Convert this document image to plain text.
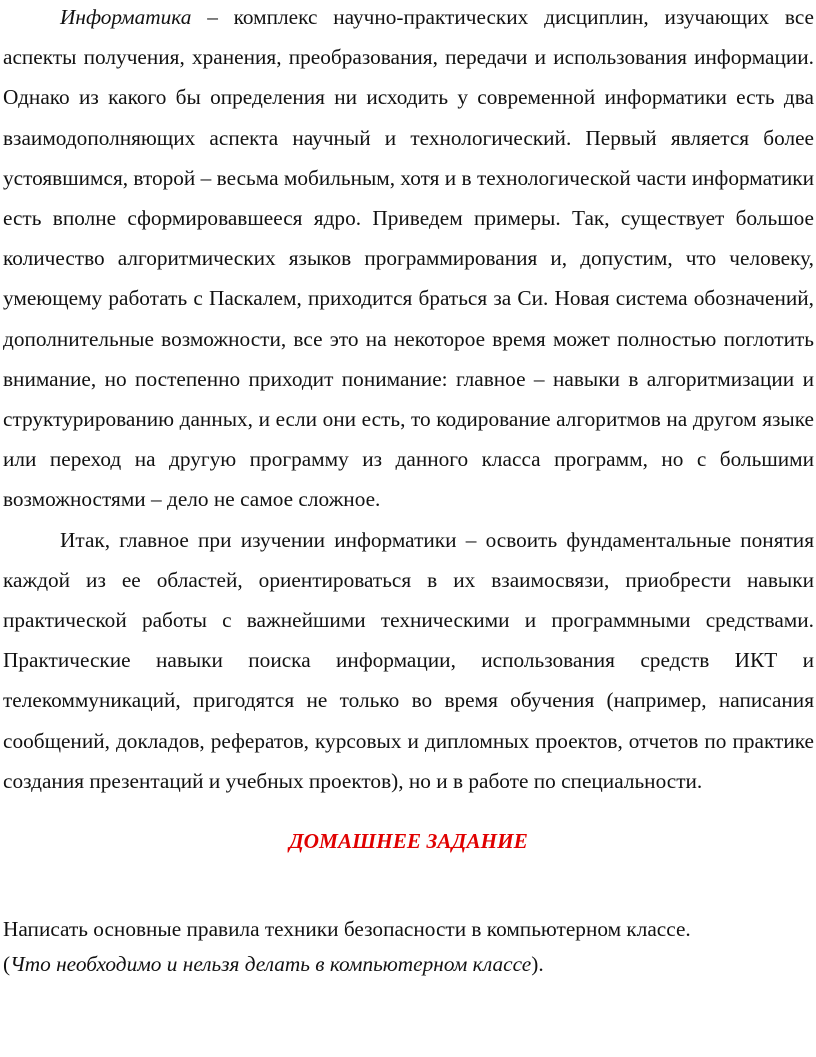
Информатика – комплекс научно-практических дисциплин, изучающих все аспекты получения, хранения, преобразования, передачи и использования информации. Однако из какого бы определения ни исходить у современной информатики есть два взаимодополняющих аспекта научный и технологический. Первый является более устоявшимся, второй – весьма мобильным, хотя и в технологической части информатики есть вполне сформировавшееся ядро. Приведем примеры. Так, существует большое количество алгоритмических языков программирования и, допустим, что человеку, умеющему работать с Паскалем, приходится браться за Си. Новая система обозначений, дополнительные возможности, все это на некоторое время может полностью поглотить внимание, но постепенно приходит понимание: главное – навыки в алгоритмизации и структурированию данных, и если они есть, то кодирование алгоритмов на другом языке или переход на другую программу из данного класса программ, но с большими возможностями – дело не самое сложное.

Итак, главное при изучении информатики – освоить фундаментальные понятия каждой из ее областей, ориентироваться в их взаимосвязи, приобрести навыки практической работы с важнейшими техническими и программными средствами. Практические навыки поиска информации, использования средств ИКТ и телекоммуникаций, пригодятся не только во время обучения (например, написания сообщений, докладов, рефератов, курсовых и дипломных проектов, отчетов по практике создания презентаций и учебных проектов), но и в работе по специальности.

ДОМАШНЕЕ ЗАДАНИЕ

Написать основные правила техники безопасности в компьютерном классе.

(Что необходимо и нельзя делать в компьютерном классе).
